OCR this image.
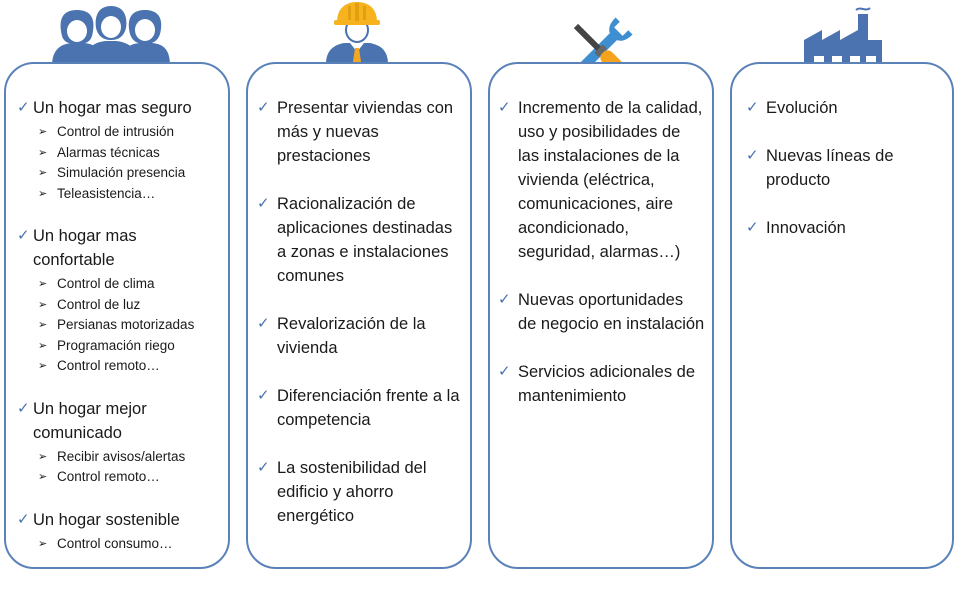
✓ Un hogar mas seguro
➢ Control de intrusión
➢ Alarmas técnicas
➢ Simulación presencia
➢ Teleasistencia…
✓ Un hogar mas confortable
➢ Control de clima
➢ Control de luz
➢ Persianas motorizadas
➢ Programación riego
➢ Control remoto…
✓ Un hogar mejor comunicado
➢ Recibir avisos/alertas
➢ Control remoto…
✓ Un hogar sostenible
➢ Control consumo…
✓ Presentar viviendas con más y nuevas prestaciones
✓ Racionalización de aplicaciones destinadas a zonas e instalaciones comunes
✓ Revalorización de la vivienda
✓ Diferenciación frente a la competencia
✓ La sostenibilidad del edificio y ahorro energético
✓ Incremento de la calidad, uso y posibilidades de las instalaciones de la vivienda (eléctrica, comunicaciones, aire acondicionado, seguridad, alarmas…)
✓ Nuevas oportunidades de negocio en instalación
✓ Servicios adicionales de mantenimiento
✓ Evolución
✓ Nuevas líneas de producto
✓ Innovación
